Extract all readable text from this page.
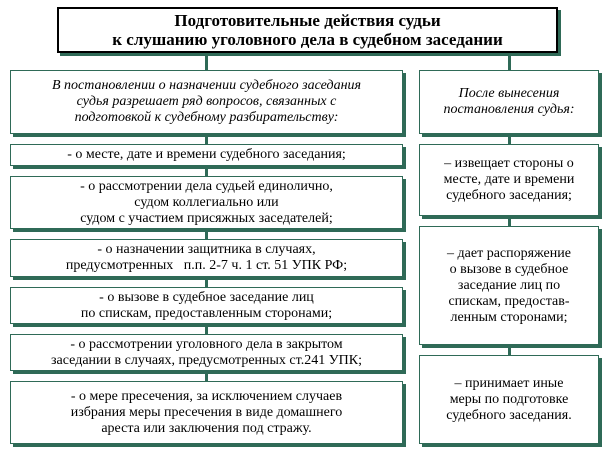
Подготовительные действия судьи
к слушанию уголовного дела в судебном заседании
В постановлении о назначении судебного заседания
судья разрешает ряд вопросов, связанных с
подготовкой к судебному разбирательству:
- о месте, дате и времени судебного заседания;
- о рассмотрении дела судьей единолично,
судом коллегиально или
судом с участием присяжных заседателей;
- о назначении защитника в случаях,
предусмотренных   п.п. 2-7 ч. 1 ст. 51 УПК РФ;
- о вызове в судебное заседание лиц
по спискам, предоставленным сторонами;
- о рассмотрении уголовного дела в закрытом
заседании в случаях, предусмотренных ст.241 УПК;
- о мере пресечения, за исключением случаев
избрания меры пресечения в виде домашнего
ареста или заключения под стражу.
После вынесения
постановления судья:
– извещает стороны о
месте, дате и времени
судебного заседания;
– дает распоряжение
о вызове в судебное
заседание лиц по
спискам, предостав-
ленным сторонами;
– принимает иные
меры по подготовке
судебного заседания.
